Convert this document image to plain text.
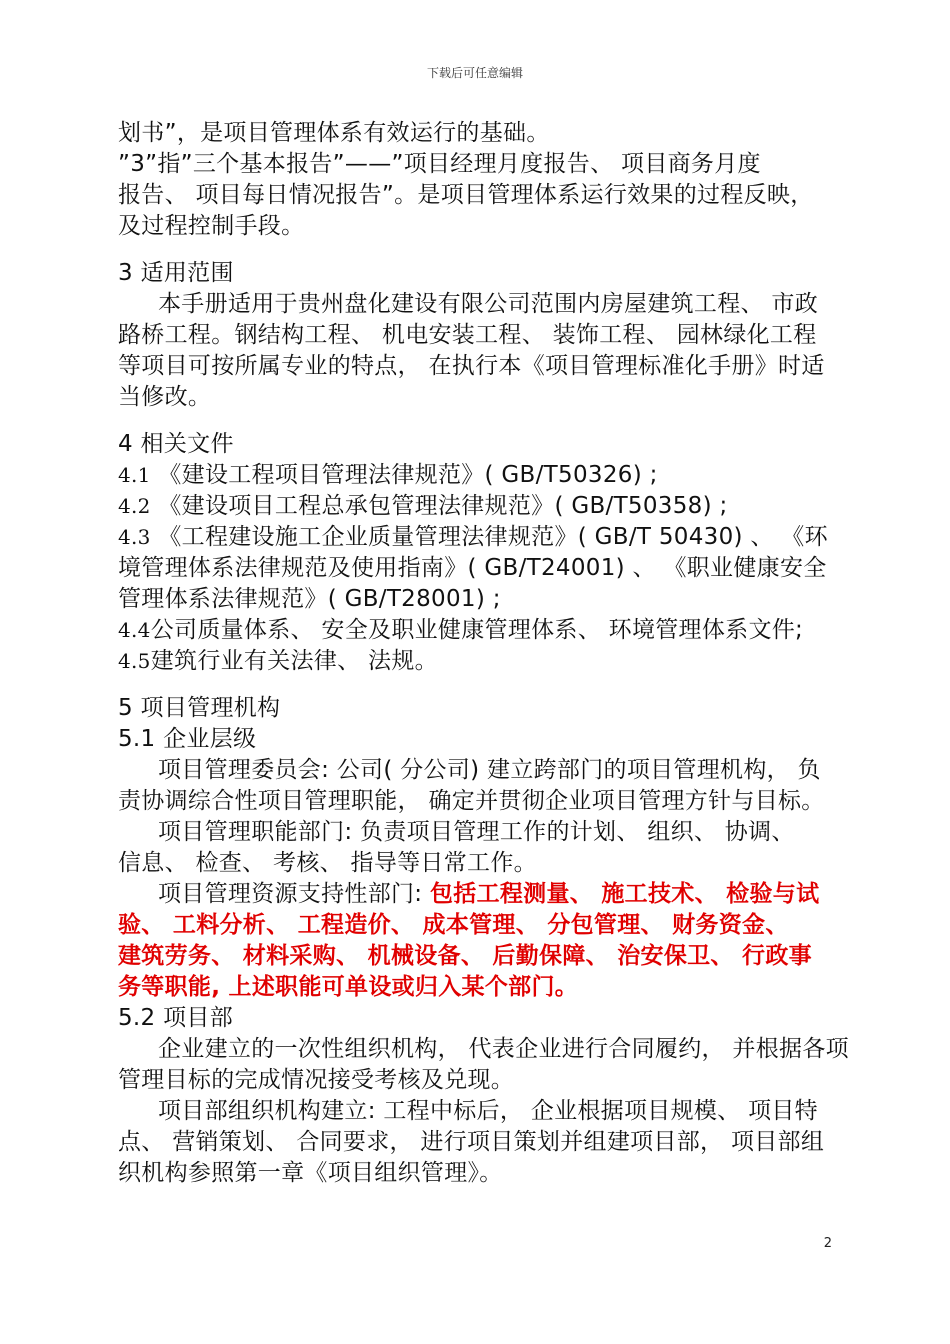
下载后可任意编辑
划书”，是项目管理体系有效运行的基础。
”3”指”三个基本报告”——”项目经理月度报告、 项目商务月度
报告、 项目每日情况报告”。是项目管理体系运行效果的过程反映，
及过程控制手段。
3 适用范围
本手册适用于贵州盘化建设有限公司范围内房屋建筑工程、 市政
路桥工程。钢结构工程、 机电安装工程、 装饰工程、 园林绿化工程
等项目可按所属专业的特点， 在执行本《项目管理标准化手册》时适
当修改。
4 相关文件
4.1 《建设工程项目管理法律规范》( GB/T50326) ;
4.2 《建设项目工程总承包管理法律规范》( GB/T50358) ;
4.3 《工程建设施工企业质量管理法律规范》( GB/T 50430) 、 《环
境管理体系法律规范及使用指南》( GB/T24001) 、 《职业健康安全
管理体系法律规范》( GB/T28001) ;
4.4公司质量体系、 安全及职业健康管理体系、 环境管理体系文件;
4.5建筑行业有关法律、 法规。
5 项目管理机构
5.1 企业层级
项目管理委员会: 公司( 分公司) 建立跨部门的项目管理机构， 负
责协调综合性项目管理职能， 确定并贯彻企业项目管理方针与目标。
项目管理职能部门: 负责项目管理工作的计划、 组织、 协调、
信息、 检查、 考核、 指导等日常工作。
项目管理资源支持性部门: 包括工程测量、 施工技术、 检验与试
验、 工料分析、 工程造价、 成本管理、 分包管理、 财务资金、
建筑劳务、 材料采购、 机械设备、 后勤保障、 治安保卫、 行政事
务等职能, 上述职能可单设或归入某个部门。
5.2 项目部
企业建立的一次性组织机构， 代表企业进行合同履约， 并根据各项
管理目标的完成情况接受考核及兑现。
项目部组织机构建立: 工程中标后， 企业根据项目规模、 项目特
点、 营销策划、 合同要求， 进行项目策划并组建项目部， 项目部组
织机构参照第一章《项目组织管理》。
2
